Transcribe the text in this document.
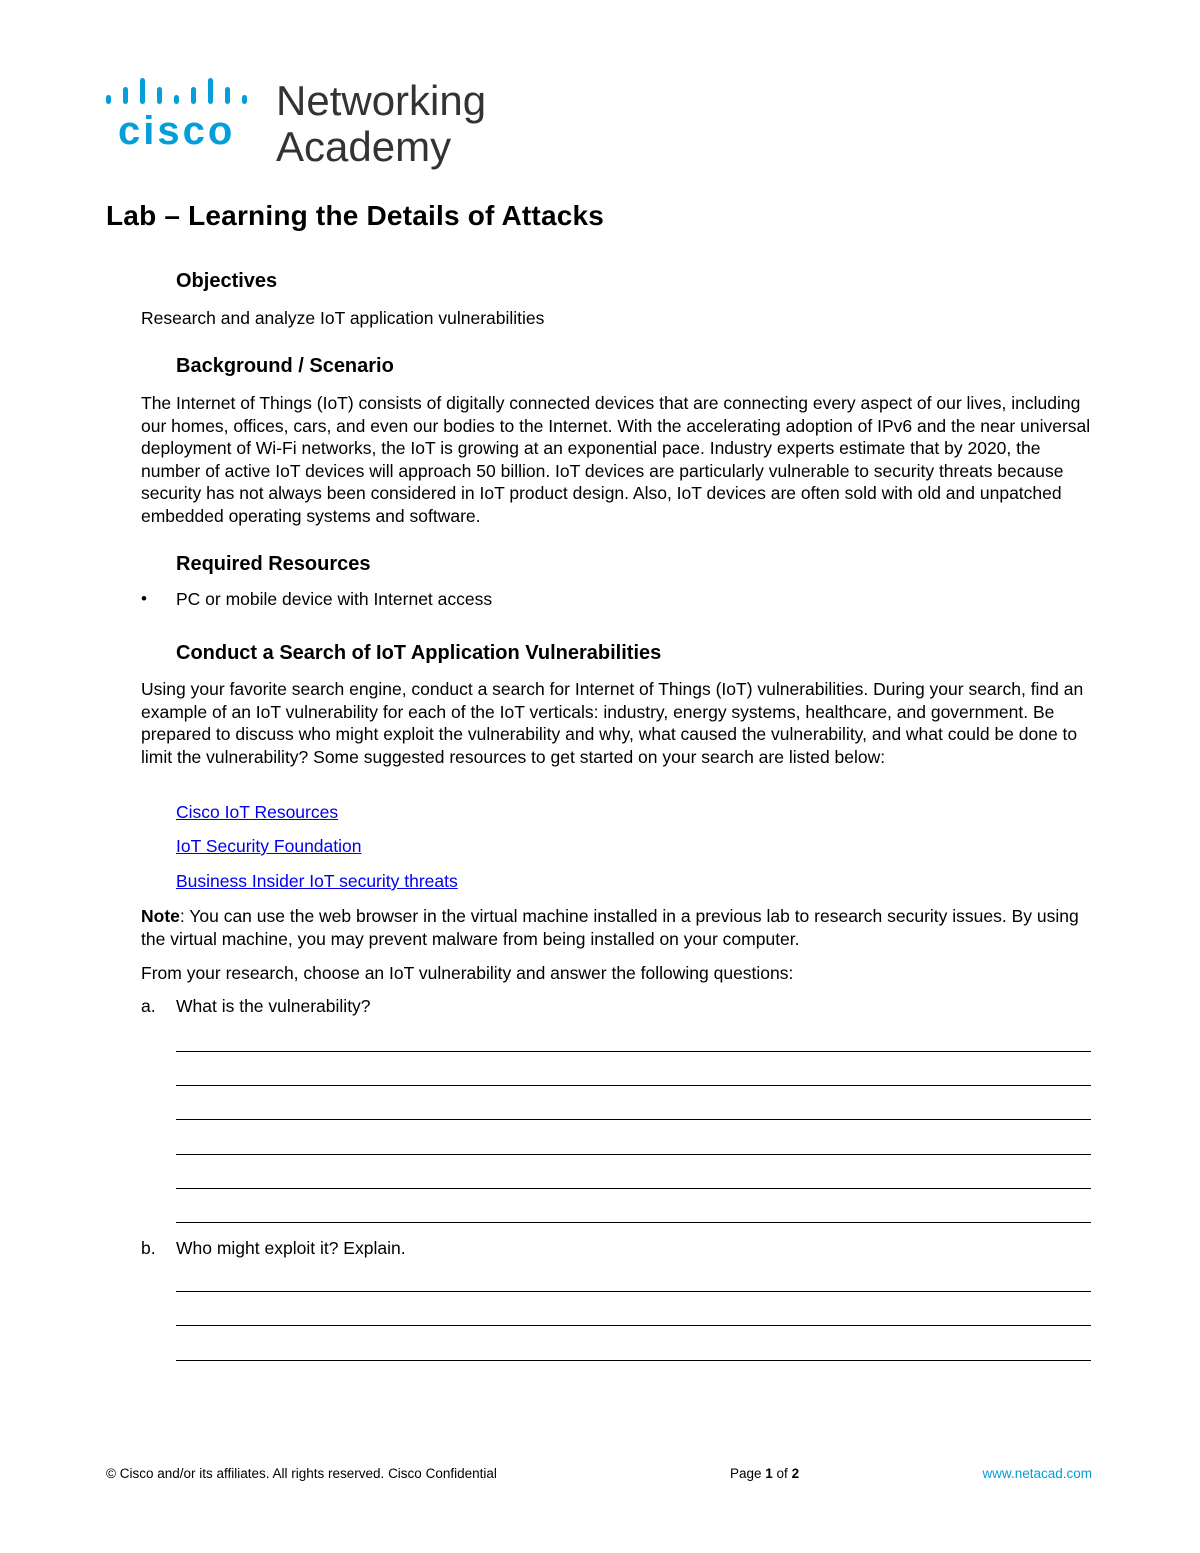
cisco
Networking
Academy
Lab – Learning the Details of Attacks
Objectives
Research and analyze IoT application vulnerabilities
Background / Scenario
The Internet of Things (IoT) consists of digitally connected devices that are connecting every aspect of our lives, including our homes, offices, cars, and even our bodies to the Internet. With the accelerating adoption of IPv6 and the near universal deployment of Wi-Fi networks, the IoT is growing at an exponential pace. Industry experts estimate that by 2020, the number of active IoT devices will approach 50 billion. IoT devices are particularly vulnerable to security threats because security has not always been considered in IoT product design. Also, IoT devices are often sold with old and unpatched embedded operating systems and software.
Required Resources
• PC or mobile device with Internet access
Conduct a Search of IoT Application Vulnerabilities
Using your favorite search engine, conduct a search for Internet of Things (IoT) vulnerabilities. During your search, find an example of an IoT vulnerability for each of the IoT verticals: industry, energy systems, healthcare, and government. Be prepared to discuss who might exploit the vulnerability and why, what caused the vulnerability, and what could be done to limit the vulnerability? Some suggested resources to get started on your search are listed below:
Cisco IoT Resources
IoT Security Foundation
Business Insider IoT security threats
Note: You can use the web browser in the virtual machine installed in a previous lab to research security issues. By using the virtual machine, you may prevent malware from being installed on your computer.
From your research, choose an IoT vulnerability and answer the following questions:
a. What is the vulnerability?
b. Who might exploit it? Explain.
© Cisco and/or its affiliates. All rights reserved. Cisco Confidential	Page 1 of 2	www.netacad.com
